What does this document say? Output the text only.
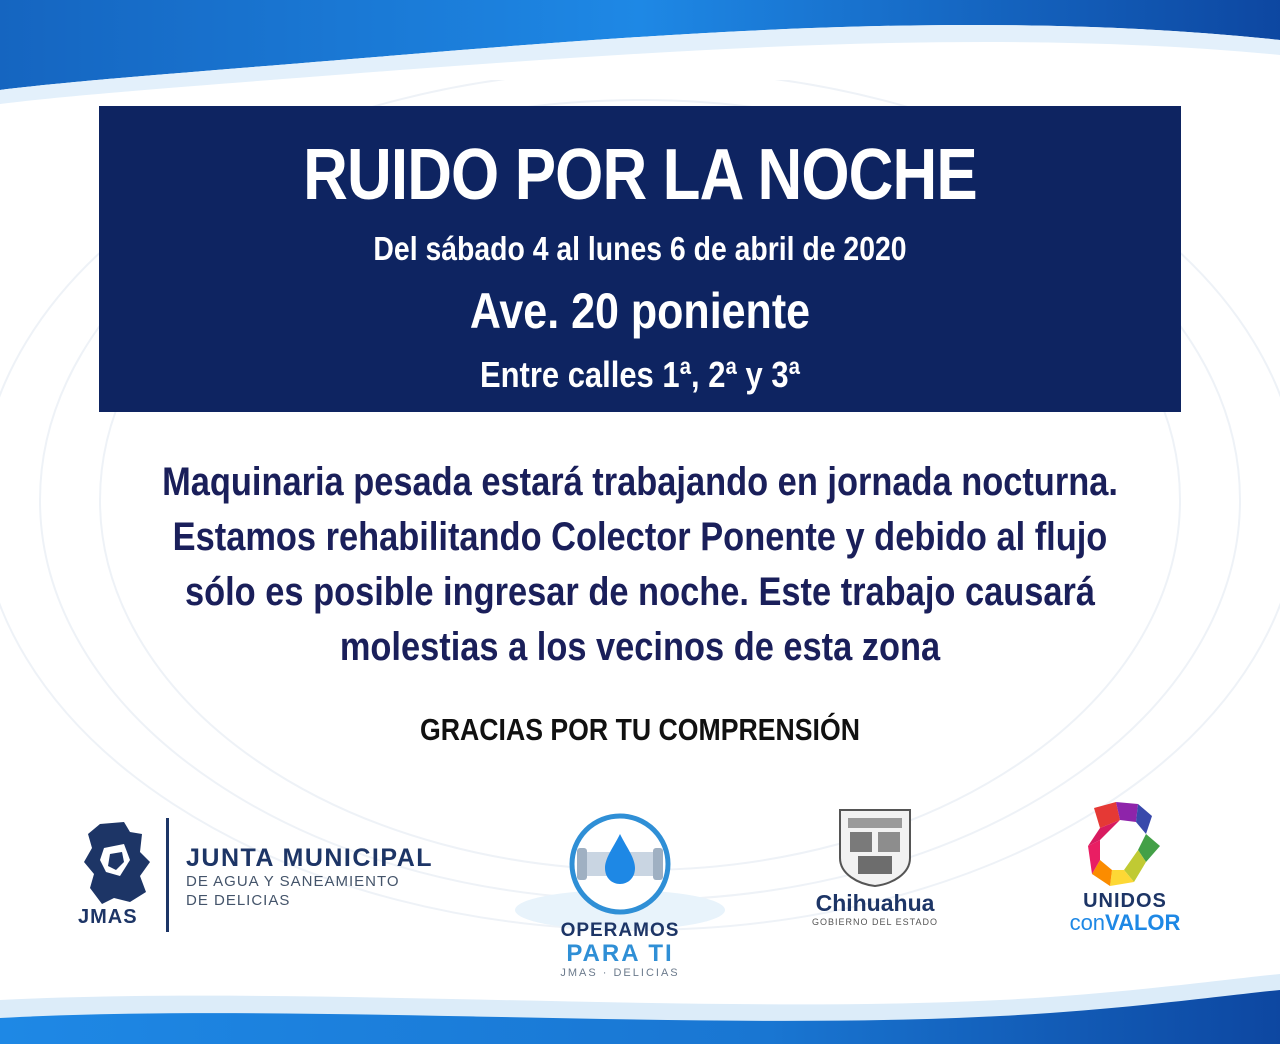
RUIDO POR LA NOCHE
Del sábado 4 al lunes 6 de abril de 2020
Ave. 20 poniente
Entre calles 1ª, 2ª y 3ª
Maquinaria pesada estará trabajando en jornada nocturna.
Estamos rehabilitando Colector Ponente y debido al flujo
sólo es posible ingresar de noche. Este trabajo causará
molestias a los vecinos de esta zona
GRACIAS POR TU COMPRENSIÓN
JMAS
JUNTA MUNICIPAL
DE AGUA Y SANEAMIENTO
DE DELICIAS
OPERAMOS
PARA TI
JMAS · DELICIAS
Chihuahua
GOBIERNO DEL ESTADO
UNIDOS
conVALOR
